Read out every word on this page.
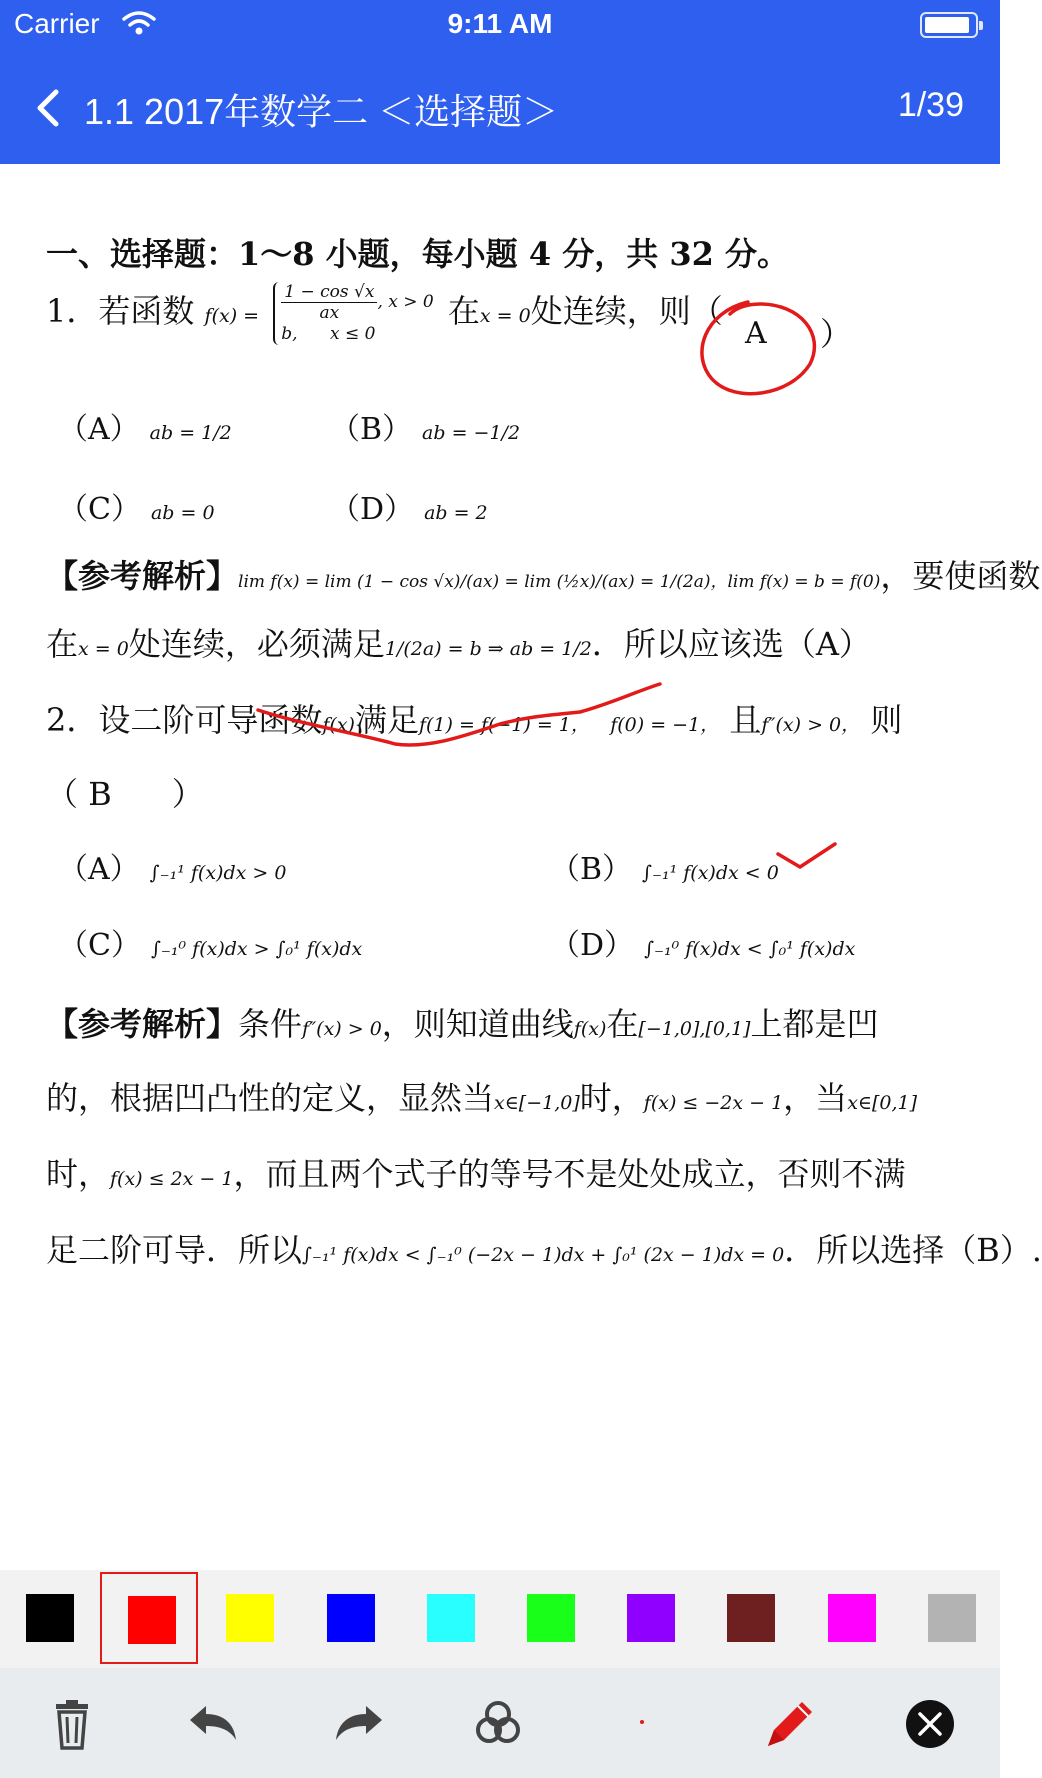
Carrier	9:11 AM
1.1 2017年数学二 ＜选择题＞	1/39
一、选择题：1～8 小题，每小题 4 分，共 32 分。
1．若函数 $f(x) = \frac{1 - \cos √x}{ax}$ , x > 0
b, x ≤ 0 在x = 0处连续，则（
A ）
（A） ab = 1/2	（B） ab = −1/2
（C） ab = 0	（D） ab = 2
【参考解析】lim f(x) = lim (1 − cos √x)/(ax) = lim (½x)/(ax) = 1/(2a)，lim f(x) = b = f(0)，要使函数
在x = 0处连续，必须满足1/(2a) = b ⇒ ab = 1/2．所以应该选（A）
2．设二阶可导函数f(x)满足f(1) = f(−1) = 1， f(0) = −1， 且f″(x) > 0， 则
（ B ）
（A） ∫₋₁¹ f(x)dx > 0	（B） ∫₋₁¹ f(x)dx < 0
（C） ∫₋₁⁰ f(x)dx > ∫₀¹ f(x)dx	（D） ∫₋₁⁰ f(x)dx < ∫₀¹ f(x)dx
【参考解析】条件f″(x) > 0，则知道曲线f(x)在[−1,0],[0,1]上都是凹
的，根据凹凸性的定义，显然当x∈[−1,0]时，f(x) ≤ −2x − 1，当x∈[0,1]
时，f(x) ≤ 2x − 1，而且两个式子的等号不是处处成立，否则不满
足二阶可导．所以∫₋₁¹ f(x)dx < ∫₋₁⁰ (−2x − 1)dx + ∫₀¹ (2x − 1)dx = 0．所以选择（B）.
